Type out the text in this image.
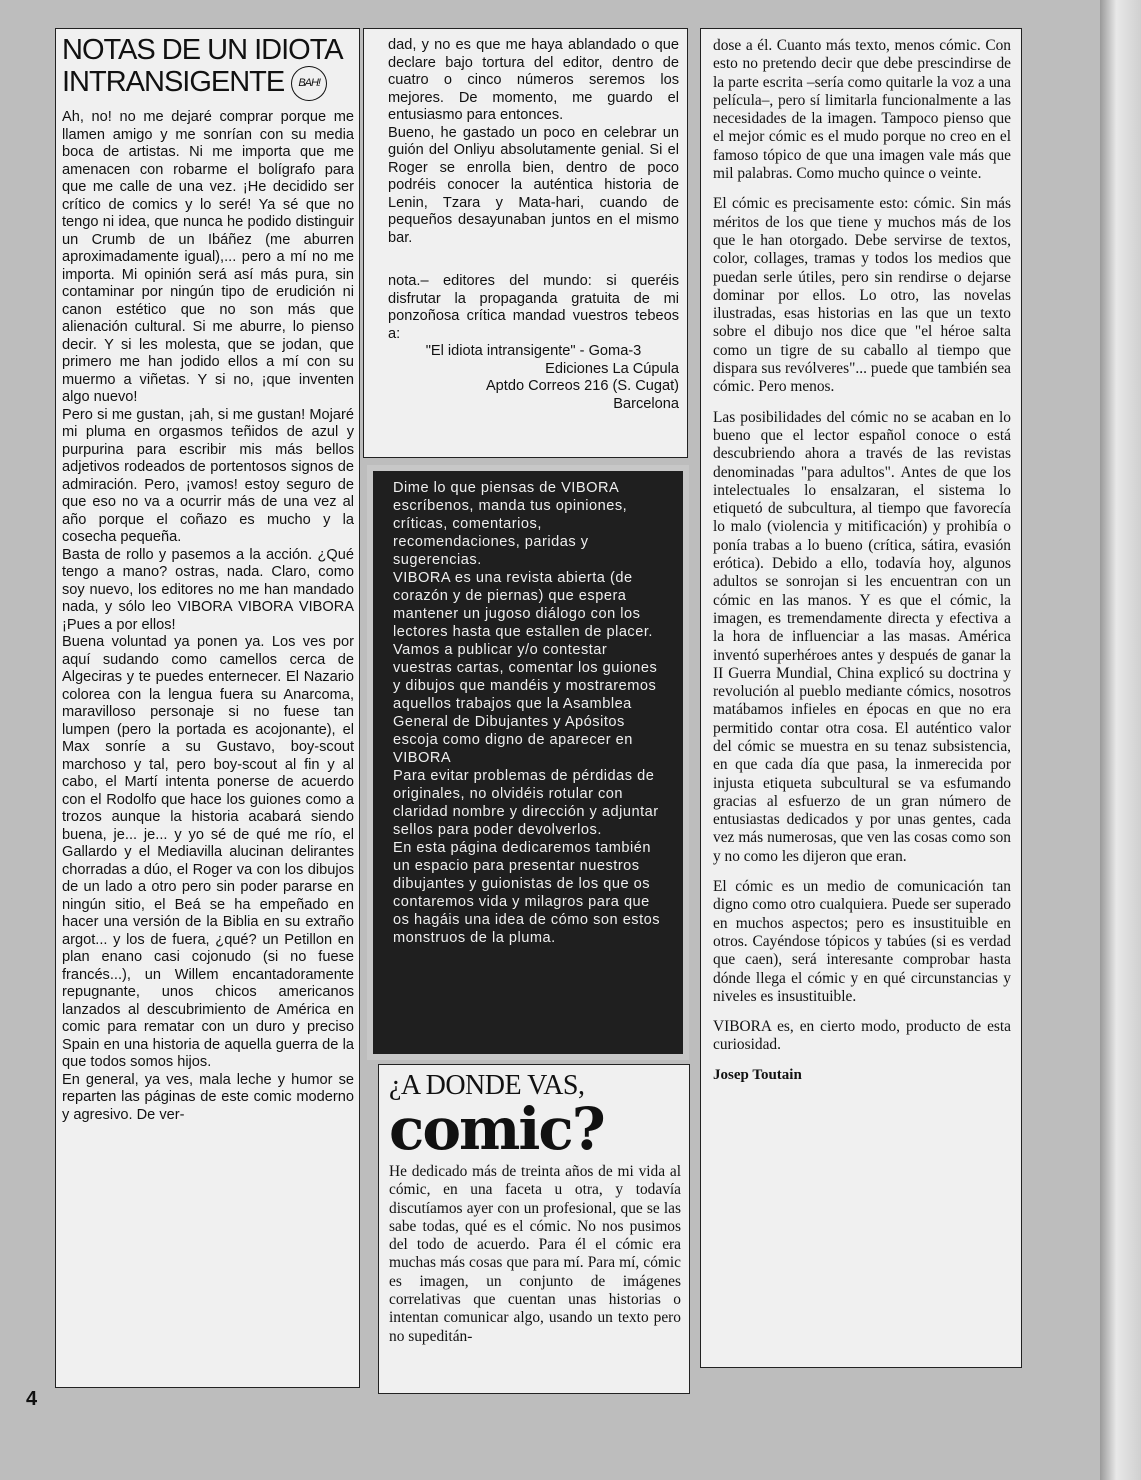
NOTAS DE UN IDIOTA
INTRANSIGENTE BAH!

Ah, no! no me dejaré comprar porque me llamen amigo y me sonrían con su media boca de artistas. Ni me importa que me amenacen con robarme el bolígrafo para que me calle de una vez. ¡He decidido ser crítico de comics y lo seré! Ya sé que no tengo ni idea, que nunca he podido distinguir un Crumb de un Ibáñez (me aburren aproximadamente igual),... pero a mí no me importa. Mi opinión será así más pura, sin contaminar por ningún tipo de erudición ni canon estético que no son más que alienación cultural. Si me aburre, lo pienso decir. Y si les molesta, que se jodan, que primero me han jodido ellos a mí con su muermo a viñetas. Y si no, ¡que inventen algo nuevo!

Pero si me gustan, ¡ah, si me gustan! Mojaré mi pluma en orgasmos teñidos de azul y purpurina para escribir mis más bellos adjetivos rodeados de portentosos signos de admiración. Pero, ¡vamos! estoy seguro de que eso no va a ocurrir más de una vez al año porque el coñazo es mucho y la cosecha pequeña.

Basta de rollo y pasemos a la acción. ¿Qué tengo a mano? ostras, nada. Claro, como soy nuevo, los editores no me han mandado nada, y sólo leo VIBORA VIBORA VIBORA ¡Pues a por ellos!

Buena voluntad ya ponen ya. Los ves por aquí sudando como camellos cerca de Algeciras y te puedes enternecer. El Nazario colorea con la lengua fuera su Anarcoma, maravilloso personaje si no fuese tan lumpen (pero la portada es acojonante), el Max sonríe a su Gustavo, boy-scout marchoso y tal, pero boy-scout al fin y al cabo, el Martí intenta ponerse de acuerdo con el Rodolfo que hace los guiones como a trozos aunque la historia acabará siendo buena, je... je... y yo sé de qué me río, el Gallardo y el Mediavilla alucinan delirantes chorradas a dúo, el Roger va con los dibujos de un lado a otro pero sin poder pararse en ningún sitio, el Beá se ha empeñado en hacer una versión de la Biblia en su extraño argot... y los de fuera, ¿qué? un Petillon en plan enano casi cojonudo (si no fuese francés...), un Willem encantadoramente repugnante, unos chicos americanos lanzados al descubrimiento de América en comic para rematar con un duro y preciso Spain en una historia de aquella guerra de la que todos somos hijos.

En general, ya ves, mala leche y humor se reparten las páginas de este comic moderno y agresivo. De ver-

dad, y no es que me haya ablandado o que declare bajo tortura del editor, dentro de cuatro o cinco números seremos los mejores. De momento, me guardo el entusiasmo para entonces.

Bueno, he gastado un poco en celebrar un guión del Onliyu absolutamente genial. Si el Roger se enrolla bien, dentro de poco podréis conocer la auténtica historia de Lenin, Tzara y Mata-hari, cuando de pequeños desayunaban juntos en el mismo bar.

nota.– editores del mundo: si queréis disfrutar la propaganda gratuita de mi ponzoñosa crítica mandad vuestros tebeos a:

"El idiota intransigente" - Goma-3
Ediciones La Cúpula
Aptdo Correos 216 (S. Cugat)
Barcelona

Dime lo que piensas de VIBORA escríbenos, manda tus opiniones, críticas, comentarios, recomendaciones, paridas y sugerencias.

VIBORA es una revista abierta (de corazón y de piernas) que espera mantener un jugoso diálogo con los lectores hasta que estallen de placer.

Vamos a publicar y/o contestar vuestras cartas, comentar los guiones y dibujos que mandéis y mostraremos aquellos trabajos que la Asamblea General de Dibujantes y Apósitos escoja como digno de aparecer en VIBORA

Para evitar problemas de pérdidas de originales, no olvidéis rotular con claridad nombre y dirección y adjuntar sellos para poder devolverlos.

En esta página dedicaremos también un espacio para presentar nuestros dibujantes y guionistas de los que os contaremos vida y milagros para que os hagáis una idea de cómo son estos monstruos de la pluma.

¿A DONDE VAS,
comic?

He dedicado más de treinta años de mi vida al cómic, en una faceta u otra, y todavía discutíamos ayer con un profesional, que se las sabe todas, qué es el cómic. No nos pusimos del todo de acuerdo. Para él el cómic era muchas más cosas que para mí. Para mí, cómic es imagen, un conjunto de imágenes correlativas que cuentan unas historias o intentan comunicar algo, usando un texto pero no supeditán-

dose a él. Cuanto más texto, menos cómic. Con esto no pretendo decir que debe prescindirse de la parte escrita –sería como quitarle la voz a una película–, pero sí limitarla funcionalmente a las necesidades de la imagen. Tampoco pienso que el mejor cómic es el mudo porque no creo en el famoso tópico de que una imagen vale más que mil palabras. Como mucho quince o veinte.

El cómic es precisamente esto: cómic. Sin más méritos de los que tiene y muchos más de los que le han otorgado. Debe servirse de textos, color, collages, tramas y todos los medios que puedan serle útiles, pero sin rendirse o dejarse dominar por ellos. Lo otro, las novelas ilustradas, esas historias en las que un texto sobre el dibujo nos dice que "el héroe salta como un tigre de su caballo al tiempo que dispara sus revólveres"... puede que también sea cómic. Pero menos.

Las posibilidades del cómic no se acaban en lo bueno que el lector español conoce o está descubriendo ahora a través de las revistas denominadas "para adultos". Antes de que los intelectuales lo ensalzaran, el sistema lo etiquetó de subcultura, al tiempo que favorecía lo malo (violencia y mitificación) y prohibía o ponía trabas a lo bueno (crítica, sátira, evasión erótica). Debido a ello, todavía hoy, algunos adultos se sonrojan si les encuentran con un cómic en las manos. Y es que el cómic, la imagen, es tremendamente directa y efectiva a la hora de influenciar a las masas. América inventó superhéroes antes y después de ganar la II Guerra Mundial, China explicó su doctrina y revolución al pueblo mediante cómics, nosotros matábamos infieles en épocas en que no era permitido contar otra cosa. El auténtico valor del cómic se muestra en su tenaz subsistencia, en que cada día que pasa, la inmerecida por injusta etiqueta subcultural se va esfumando gracias al esfuerzo de un gran número de entusiastas dedicados y por unas gentes, cada vez más numerosas, que ven las cosas como son y no como les dijeron que eran.

El cómic es un medio de comunicación tan digno como otro cualquiera. Puede ser superado en muchos aspectos; pero es insustituible en otros. Cayéndose tópicos y tabúes (si es verdad que caen), será interesante comprobar hasta dónde llega el cómic y en qué circunstancias y niveles es insustituible.

VIBORA es, en cierto modo, producto de esta curiosidad.

Josep Toutain
4
